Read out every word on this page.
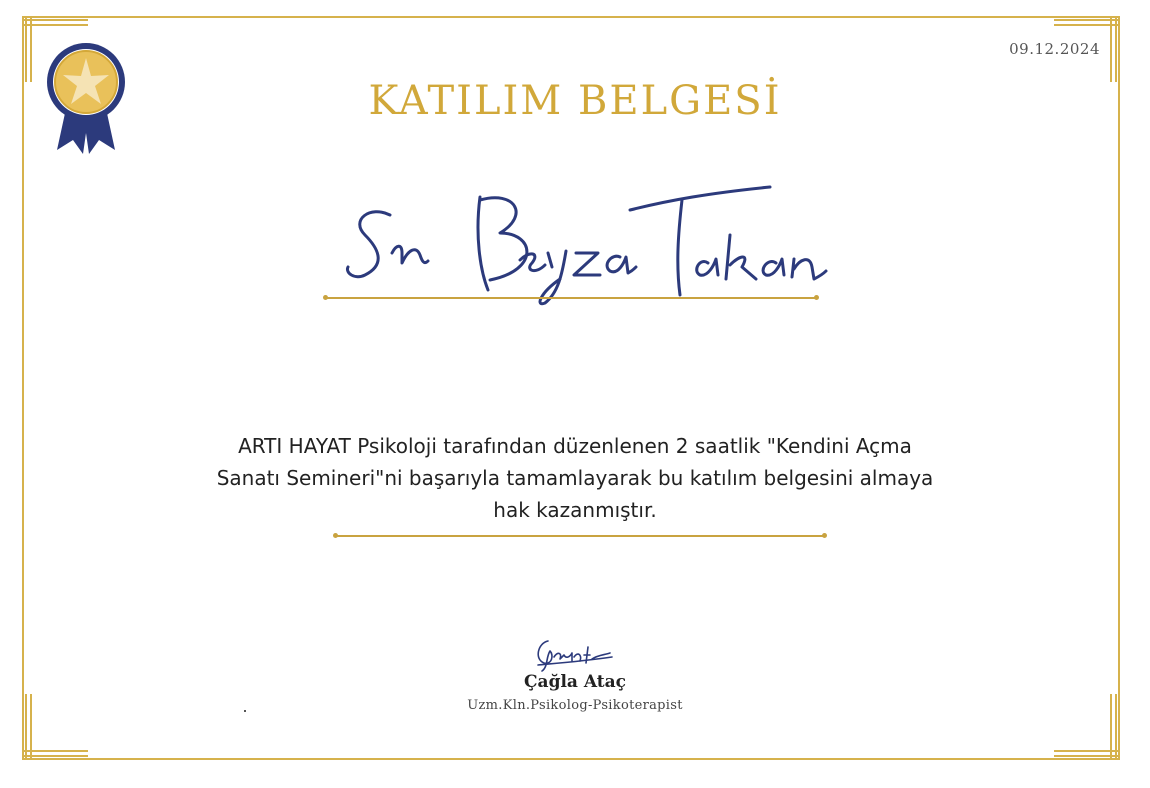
09.12.2024
KATILIM BELGESİ
ARTI HAYAT Psikoloji tarafından düzenlenen 2 saatlik "Kendini Açma
Sanatı Semineri"ni başarıyla tamamlayarak bu katılım belgesini almaya
hak kazanmıştır.
Çağla Ataç
Uzm.Kln.Psikolog-Psikoterapist
